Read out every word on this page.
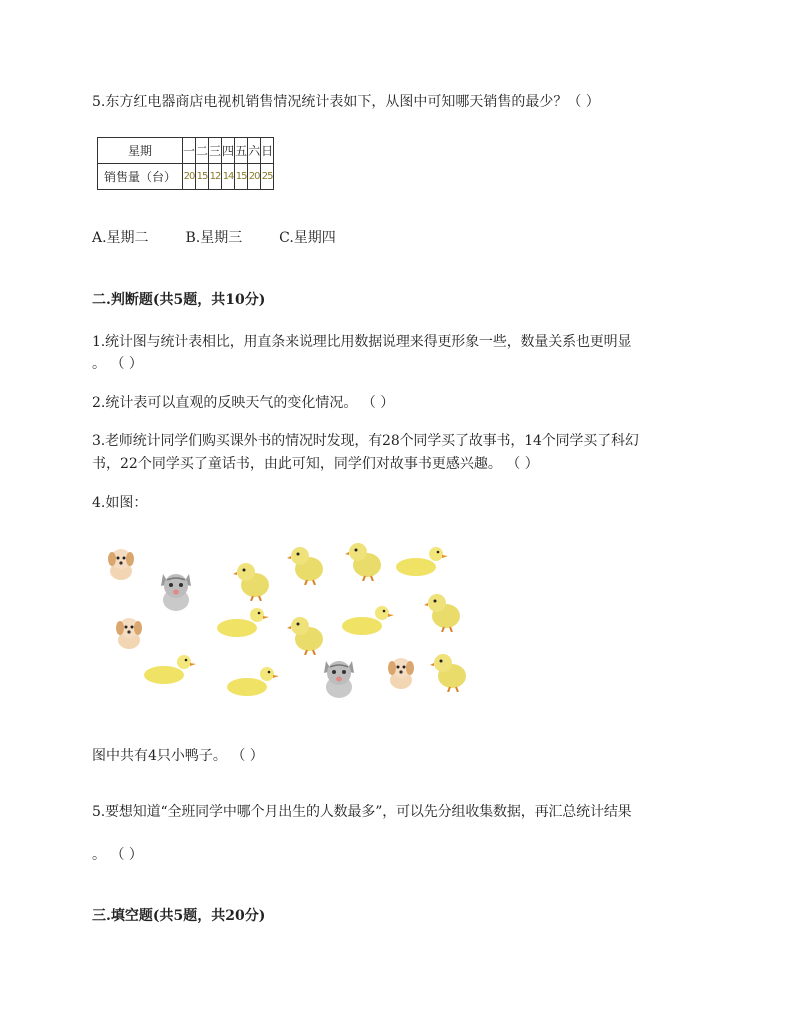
5.东方红电器商店电视机销售情况统计表如下，从图中可知哪天销售的最少？（ ）
星期	一	二	三	四	五	六	日
销售量（台）	20	15	12	14	15	20	25
A.星期二	B.星期三	C.星期四
二.判断题(共5题，共10分)
1.统计图与统计表相比，用直条来说理比用数据说理来得更形象一些，数量关系也更明显
。 （ ）
2.统计表可以直观的反映天气的变化情况。 （ ）
3.老师统计同学们购买课外书的情况时发现，有28个同学买了故事书，14个同学买了科幻
书，22个同学买了童话书，由此可知，同学们对故事书更感兴趣。 （ ）
4.如图：
图中共有4只小鸭子。 （ ）
5.要想知道“全班同学中哪个月出生的人数最多”，可以先分组收集数据，再汇总统计结果
。 （ ）
三.填空题(共5题，共20分)
